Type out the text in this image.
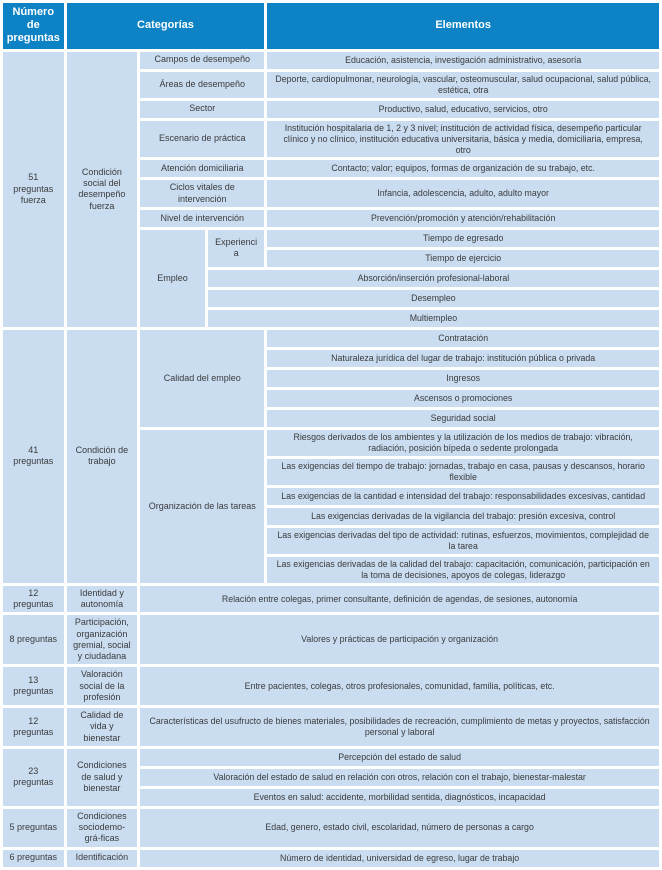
Número de preguntas	Categorías			Elementos
51 preguntas fuerza	Condición social del desempeño fuerza	Campos de desempeño		Educación, asistencia, investigación administrativo, asesoría
		Áreas de desempeño		Deporte, cardiopulmonar, neurología, vascular, osteomuscular, salud ocupacional, salud pública, estética, otra
		Sector		Productivo, salud, educativo, servicios, otro
		Escenario de práctica		Institución hospitalaria de 1, 2 y 3 nivel; institución de actividad física, desempeño particular clínico y no clínico, institución educativa universitaria, básica y media, domiciliaria, empresa, otro
		Atención domiciliaria		Contacto; valor; equipos, formas de organización de su trabajo, etc.
		Ciclos vitales de intervención		Infancia, adolescencia, adulto, adulto mayor
		Nivel de intervención		Prevención/promoción y atención/rehabilitación
		Empleo	Experiencia	Tiempo de egresado
				Tiempo de ejercicio
			Absorción/inserción profesional-laboral	
			Desempleo	
			Multiempleo	
41 preguntas	Condición de trabajo	Calidad del empleo		Contratación
				Naturaleza jurídica del lugar de trabajo: institución pública o privada
				Ingresos
				Ascensos o promociones
				Seguridad social
		Organización de las tareas		Riesgos derivados de los ambientes y la utilización de los medios de trabajo: vibración, radiación, posición bípeda o sedente prolongada
				Las exigencias del tiempo de trabajo: jornadas, trabajo en casa, pausas y descansos, horario flexible
				Las exigencias de la cantidad e intensidad del trabajo: responsabilidades excesivas, cantidad
				Las exigencias derivadas de la vigilancia del trabajo: presión excesiva, control
				Las exigencias derivadas del tipo de actividad: rutinas, esfuerzos, movimientos, complejidad de la tarea
				Las exigencias derivadas de la calidad del trabajo: capacitación, comunicación, participación en la toma de decisiones, apoyos de colegas, liderazgo
12 preguntas	Identidad y autonomía	Relación entre colegas, primer consultante, definición de agendas, de sesiones, autonomía		
8 preguntas	Participación, organización gremial, social y ciudadana	Valores y prácticas de participación y organización		
13 preguntas	Valoración social de la profesión	Entre pacientes, colegas, otros profesionales, comunidad, familia, políticas, etc.		
12 preguntas	Calidad de vida y bienestar	Características del usufructo de bienes materiales, posibilidades de recreación, cumplimiento de metas y proyectos, satisfacción personal y laboral		
23 preguntas	Condiciones de salud y bienestar	Percepción del estado de salud		
		Valoración del estado de salud en relación con otros, relación con el trabajo, bienestar-malestar		
		Eventos en salud: accidente, morbilidad sentida, diagnósticos, incapacidad		
5 preguntas	Condiciones sociodemo-grá-ficas	Edad, genero, estado civil, escolaridad, número de personas a cargo		
6 preguntas	Identificación	Número de identidad, universidad de egreso, lugar de trabajo		
